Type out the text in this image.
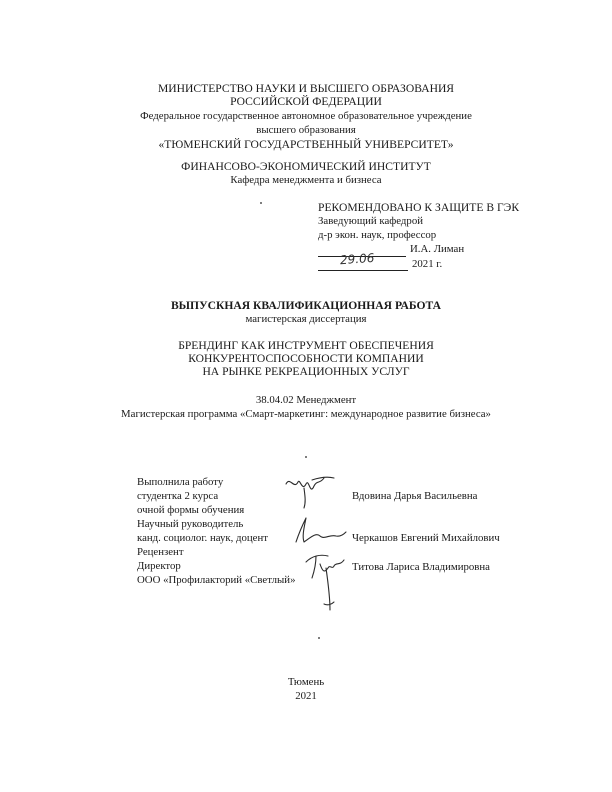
МИНИСТЕРСТВО НАУКИ И ВЫСШЕГО ОБРАЗОВАНИЯ
РОССИЙСКОЙ ФЕДЕРАЦИИ
Федеральное государственное автономное образовательное учреждение
высшего образования
«ТЮМЕНСКИЙ ГОСУДАРСТВЕННЫЙ УНИВЕРСИТЕТ»
ФИНАНСОВО-ЭКОНОМИЧЕСКИЙ ИНСТИТУТ
Кафедра менеджмента и бизнеса
РЕКОМЕНДОВАНО К ЗАЩИТЕ В ГЭК
Заведующий кафедрой
д-р экон. наук, профессор
И.А. Лиман
29.06	2021 г.
ВЫПУСКНАЯ КВАЛИФИКАЦИОННАЯ РАБОТА
магистерская диссертация
БРЕНДИНГ КАК ИНСТРУМЕНТ ОБЕСПЕЧЕНИЯ
КОНКУРЕНТОСПОСОБНОСТИ КОМПАНИИ
НА РЫНКЕ РЕКРЕАЦИОННЫХ УСЛУГ
38.04.02 Менеджмент
Магистерская программа «Смарт-маркетинг: международное развитие бизнеса»
Выполнила работу
студентка 2 курса
очной формы обучения
Вдовина Дарья Васильевна
Научный руководитель
канд. социолог. наук, доцент	Черкашов Евгений Михайлович
Рецензент
Директор
ООО «Профилакторий «Светлый»
Титова Лариса Владимировна
Тюмень
2021
